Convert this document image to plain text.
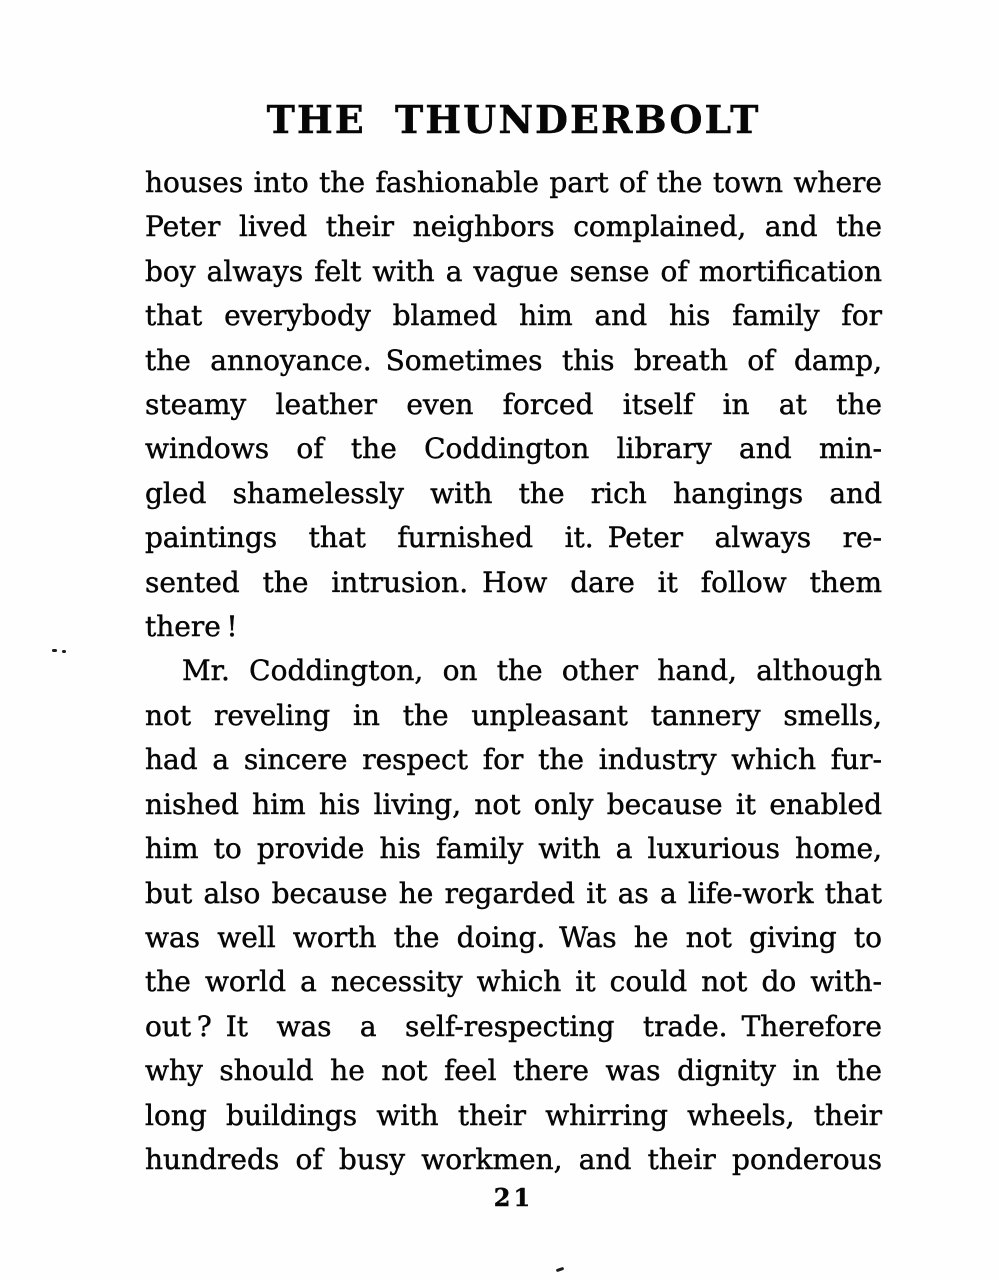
THE THUNDERBOLT
houses into the fashionable part of the town where
Peter lived their neighbors complained, and the
boy always felt with a vague sense of mortification
that everybody blamed him and his family for
the annoyance. Sometimes this breath of damp,
steamy leather even forced itself in at the
windows of the Coddington library and min-
gled shamelessly with the rich hangings and
paintings that furnished it. Peter always re-
sented the intrusion. How dare it follow them
there !
Mr. Coddington, on the other hand, although
not reveling in the unpleasant tannery smells,
had a sincere respect for the industry which fur-
nished him his living, not only because it enabled
him to provide his family with a luxurious home,
but also because he regarded it as a life-work that
was well worth the doing. Was he not giving to
the world a necessity which it could not do with-
out ? It was a self-respecting trade. Therefore
why should he not feel there was dignity in the
long buildings with their whirring wheels, their
hundreds of busy workmen, and their ponderous
21
